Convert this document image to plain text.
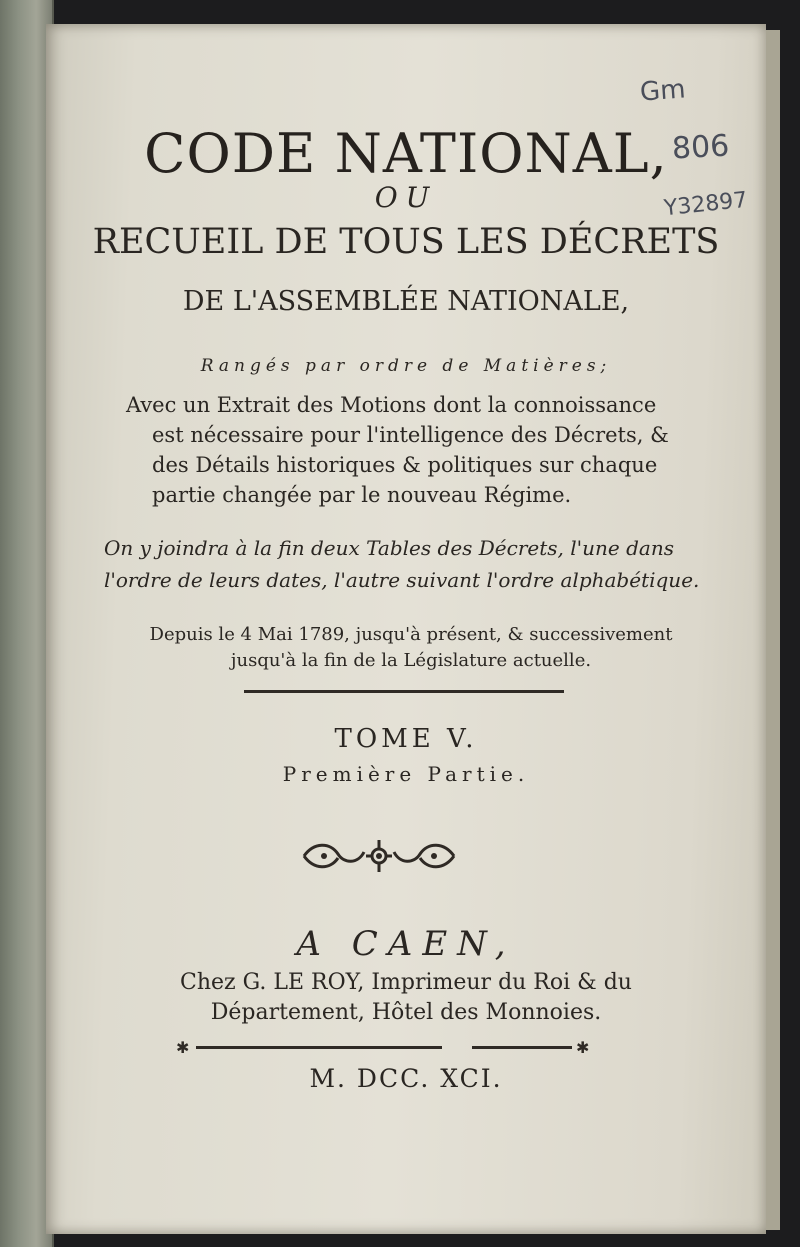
CODE NATIONAL,
OU
RECUEIL DE TOUS LES DÉCRETS
DE L'ASSEMBLÉE NATIONALE,
Rangés par ordre de Matières;
Avec un Extrait des Motions dont la connoissance
est nécessaire pour l'intelligence des Décrets, &
des Détails historiques & politiques sur chaque
partie changée par le nouveau Régime.
On y joindra à la fin deux Tables des Décrets, l'une dans
l'ordre de leurs dates, l'autre suivant l'ordre alphabétique.
Depuis le 4 Mai 1789, jusqu'à présent, & successivement
jusqu'à la fin de la Législature actuelle.
TOME V.
Première Partie.
A CAEN,
Chez G. LE ROY, Imprimeur du Roi & du
Département, Hôtel des Monnoies.
✱	✱
M. DCC. XCI.
Gm
806
Y32897
